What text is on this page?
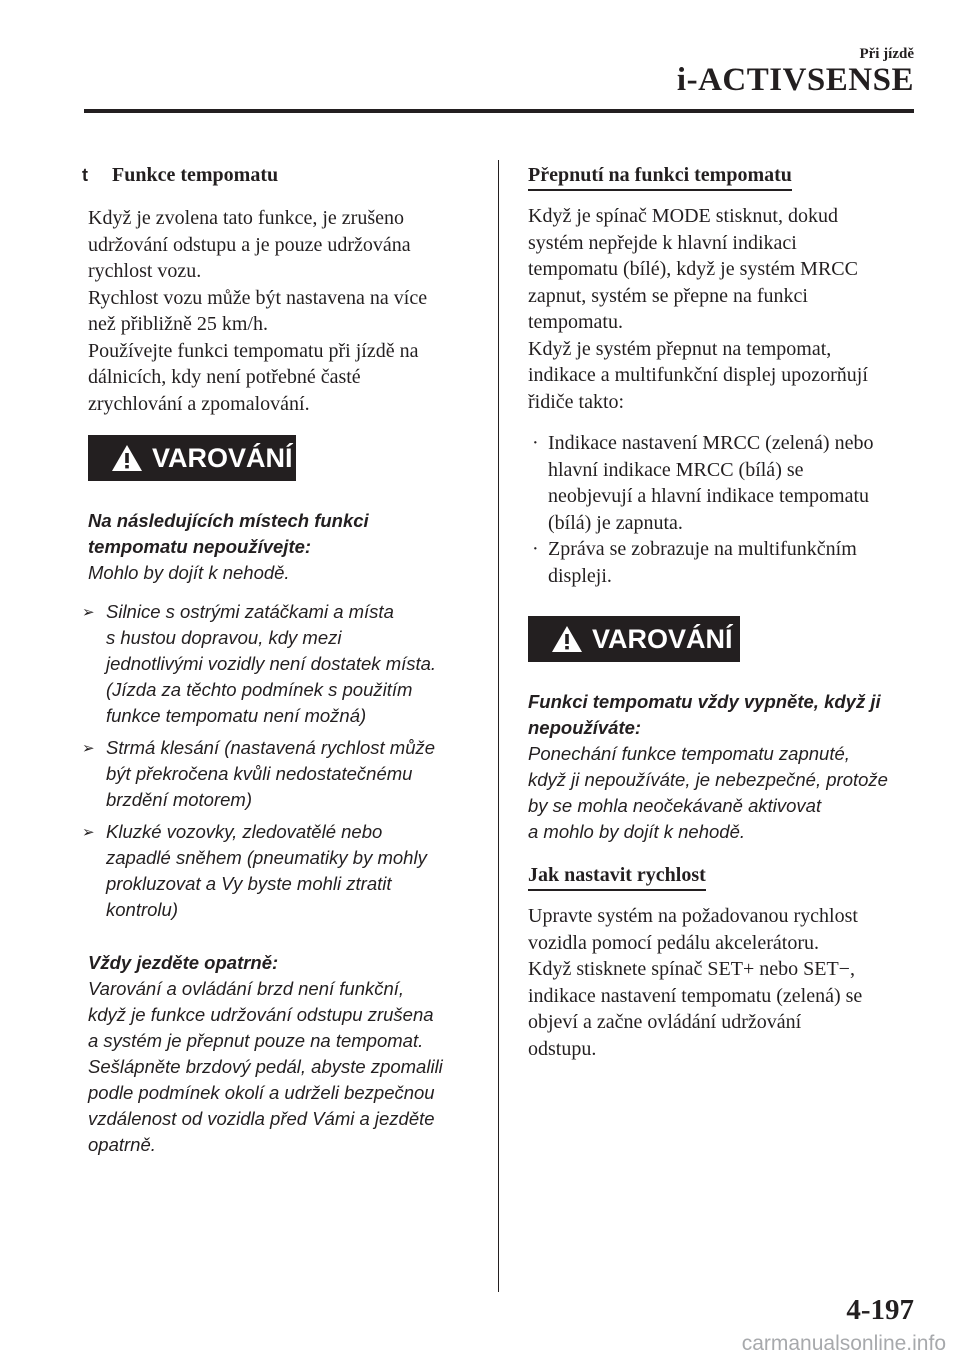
Při jízdě
i-ACTIVSENSE
t Funkce tempomatu

Když je zvolena tato funkce, je zrušeno

udržování odstupu a je pouze udržována

rychlost vozu.

Rychlost vozu může být nastavena na více

než přibližně 25 km/h.

Používejte funkci tempomatu při jízdě na

dálnicích, kdy není potřebné časté

zrychlování a zpomalování.

VAROVÁNÍ

Na následujících místech funkci

tempomatu nepoužívejte:

Mohlo by dojít k nehodě.

➢ Silnice s ostrými zatáčkami a místa
s hustou dopravou, kdy mezi
jednotlivými vozidly není dostatek místa.
(Jízda za těchto podmínek s použitím
funkce tempomatu není možná)
➢ Strmá klesání (nastavená rychlost může
být překročena kvůli nedostatečnému
brzdění motorem)
➢ Kluzké vozovky, zledovatělé nebo
zapadlé sněhem (pneumatiky by mohly
prokluzovat a Vy byste mohli ztratit
kontrolu)

Vždy jezděte opatrně:

Varování a ovládání brzd není funkční,

když je funkce udržování odstupu zrušena

a systém je přepnut pouze na tempomat.

Sešlápněte brzdový pedál, abyste zpomalili

podle podmínek okolí a udrželi bezpečnou

vzdálenost od vozidla před Vámi a jezděte

opatrně.

Přepnutí na funkci tempomatu

Když je spínač MODE stisknut, dokud

systém nepřejde k hlavní indikaci

tempomatu (bílé), když je systém MRCC

zapnut, systém se přepne na funkci

tempomatu.

Když je systém přepnut na tempomat,

indikace a multifunkční displej upozorňují

řidiče takto:

· Indikace nastavení MRCC (zelená) nebo
hlavní indikace MRCC (bílá) se
neobjevují a hlavní indikace tempomatu
(bílá) je zapnuta.
· Zpráva se zobrazuje na multifunkčním
displeji.
VAROVÁNÍ

Funkci tempomatu vždy vypněte, když ji

nepoužíváte:

Ponechání funkce tempomatu zapnuté,

když ji nepoužíváte, je nebezpečné, protože

by se mohla neočekávaně aktivovat

a mohlo by dojít k nehodě.

Jak nastavit rychlost

Upravte systém na požadovanou rychlost

vozidla pomocí pedálu akcelerátoru.

Když stisknete spínač SET+ nebo SET−,

indikace nastavení tempomatu (zelená) se

objeví a začne ovládání udržování

odstupu.

4-197
carmanualsonline.info
